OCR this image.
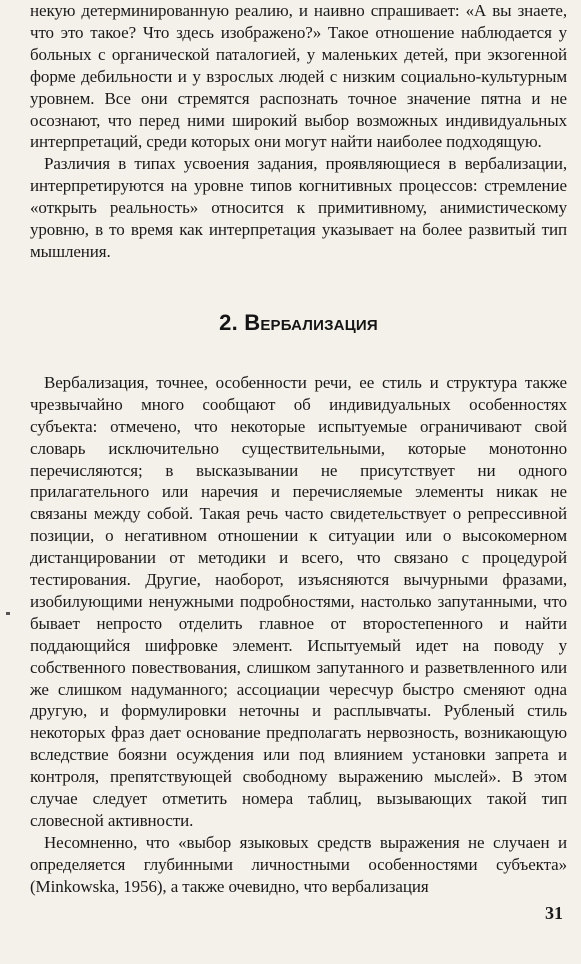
некую детерминированную реалию, и наивно спрашивает: «А вы знаете, что это такое? Что здесь изображено?» Такое отношение наблюдается у больных с органической паталогией, у маленьких детей, при экзогенной форме дебильности и у взрослых людей с низким социально-культурным уровнем. Все они стремятся распознать точное значение пятна и не осознают, что перед ними широкий выбор возможных индивидуальных интерпретаций, среди которых они могут найти наиболее подходящую.

Различия в типах усвоения задания, проявляющиеся в вербализации, интерпретируются на уровне типов когнитивных процессов: стремление «открыть реальность» относится к примитивному, анимистическому уровню, в то время как интерпретация указывает на более развитый тип мышления.

2. Вербализация

Вербализация, точнее, особенности речи, ее стиль и структура также чрезвычайно много сообщают об индивидуальных особенностях субъекта: отмечено, что некоторые испытуемые ограничивают свой словарь исключительно существительными, которые монотонно перечисляются; в высказывании не присутствует ни одного прилагательного или наречия и перечисляемые элементы никак не связаны между собой. Такая речь часто свидетельствует о репрессивной позиции, о негативном отношении к ситуации или о высокомерном дистанцировании от методики и всего, что связано с процедурой тестирования. Другие, наоборот, изъясняются вычурными фразами, изобилующими ненужными подробностями, настолько запутанными, что бывает непросто отделить главное от второстепенного и найти поддающийся шифровке элемент. Испытуемый идет на поводу у собственного повествования, слишком запутанного и разветвленного или же слишком надуманного; ассоциации чересчур быстро сменяют одна другую, и формулировки неточны и расплывчаты. Рубленый стиль некоторых фраз дает основание предполагать нервозность, возникающую вследствие боязни осуждения или под влиянием установки запрета и контроля, препятствующей свободному выражению мыслей». В этом случае следует отметить номера таблиц, вызывающих такой тип словесной активности.

Несомненно, что «выбор языковых средств выражения не случаен и определяется глубинными личностными особенностями субъекта» (Minkowska, 1956), а также очевидно, что вербализация

31
